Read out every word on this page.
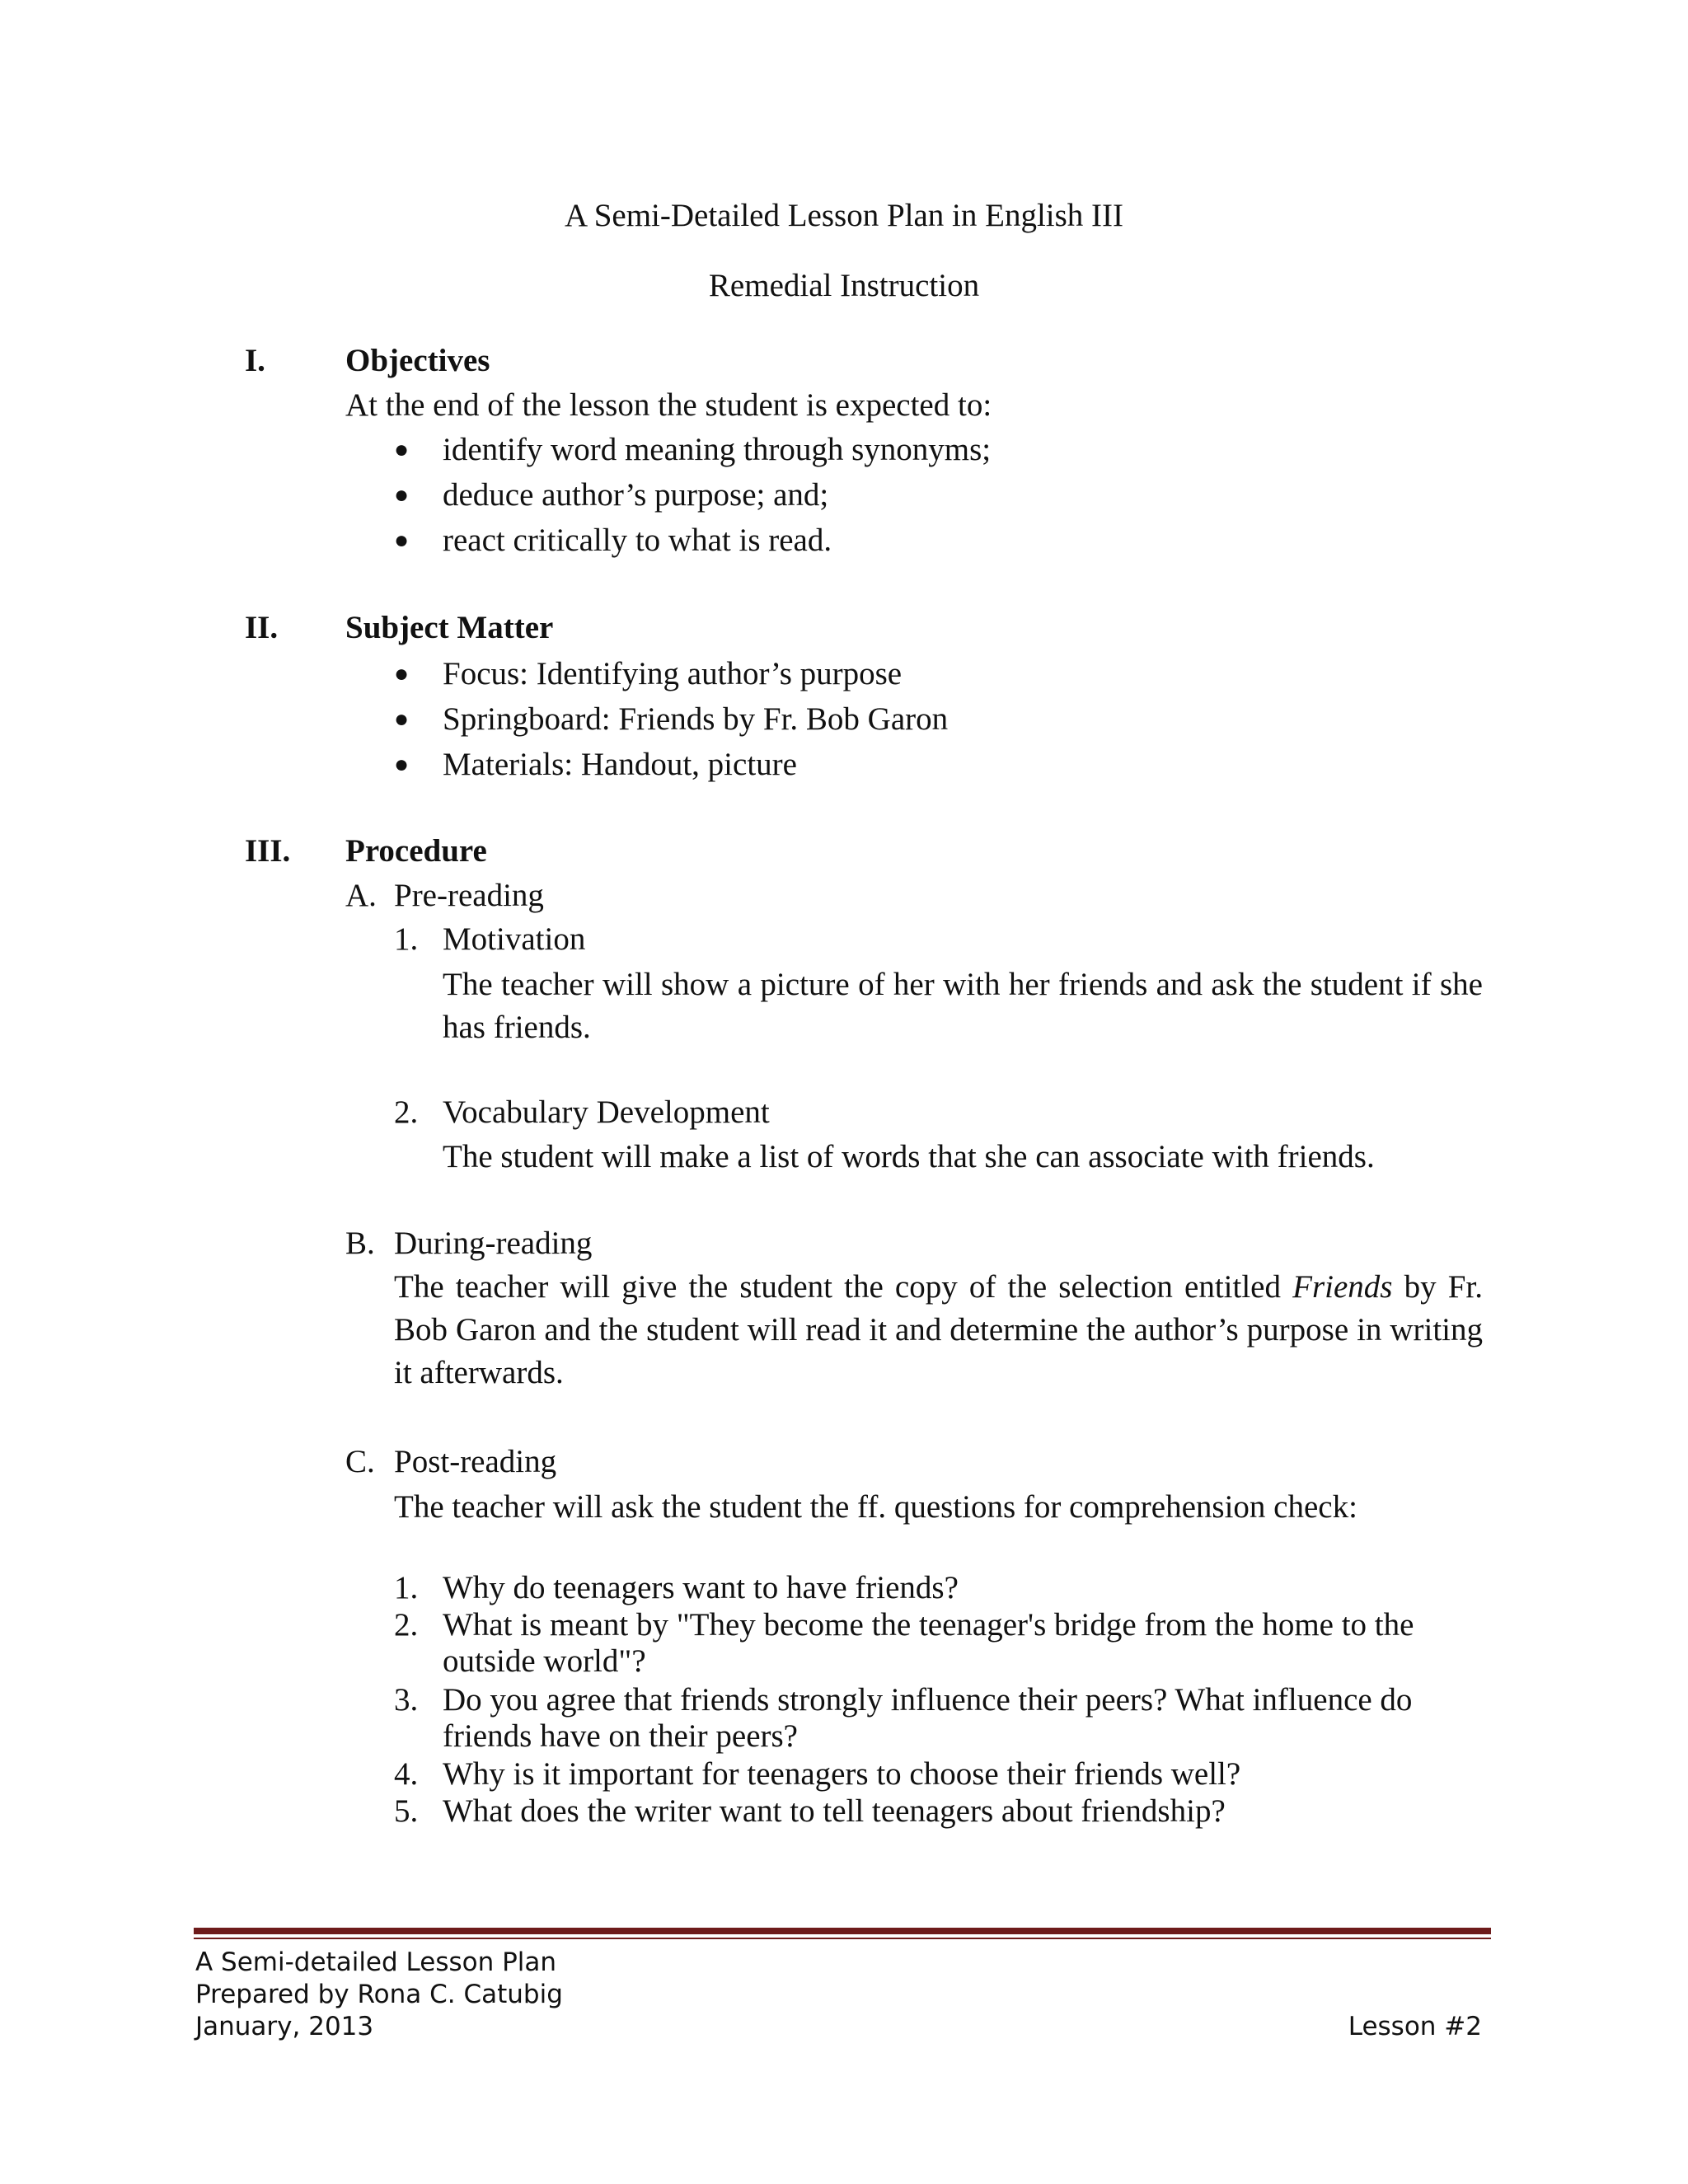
A Semi-Detailed Lesson Plan in English III
Remedial Instruction
I. Objectives
At the end of the lesson the student is expected to:
● identify word meaning through synonyms;
● deduce author’s purpose; and;
● react critically to what is read.
II. Subject Matter
● Focus: Identifying author’s purpose
● Springboard: Friends by Fr. Bob Garon
● Materials: Handout, picture
III. Procedure
A. Pre-reading
1. Motivation
The teacher will show a picture of her with her friends and ask the student if she has friends.
2. Vocabulary Development
The student will make a list of words that she can associate with friends.
B. During-reading
The teacher will give the student the copy of the selection entitled Friends by Fr. Bob Garon and the student will read it and determine the author’s purpose in writing it afterwards.
C. Post-reading
The teacher will ask the student the ff. questions for comprehension check:
1. Why do teenagers want to have friends?
2. What is meant by "They become the teenager's bridge from the home to the
outside world"?
3. Do you agree that friends strongly influence their peers? What influence do
friends have on their peers?
4. Why is it important for teenagers to choose their friends well?
5. What does the writer want to tell teenagers about friendship?
A Semi-detailed Lesson Plan
Prepared by Rona C. Catubig
January, 2013	Lesson #2
